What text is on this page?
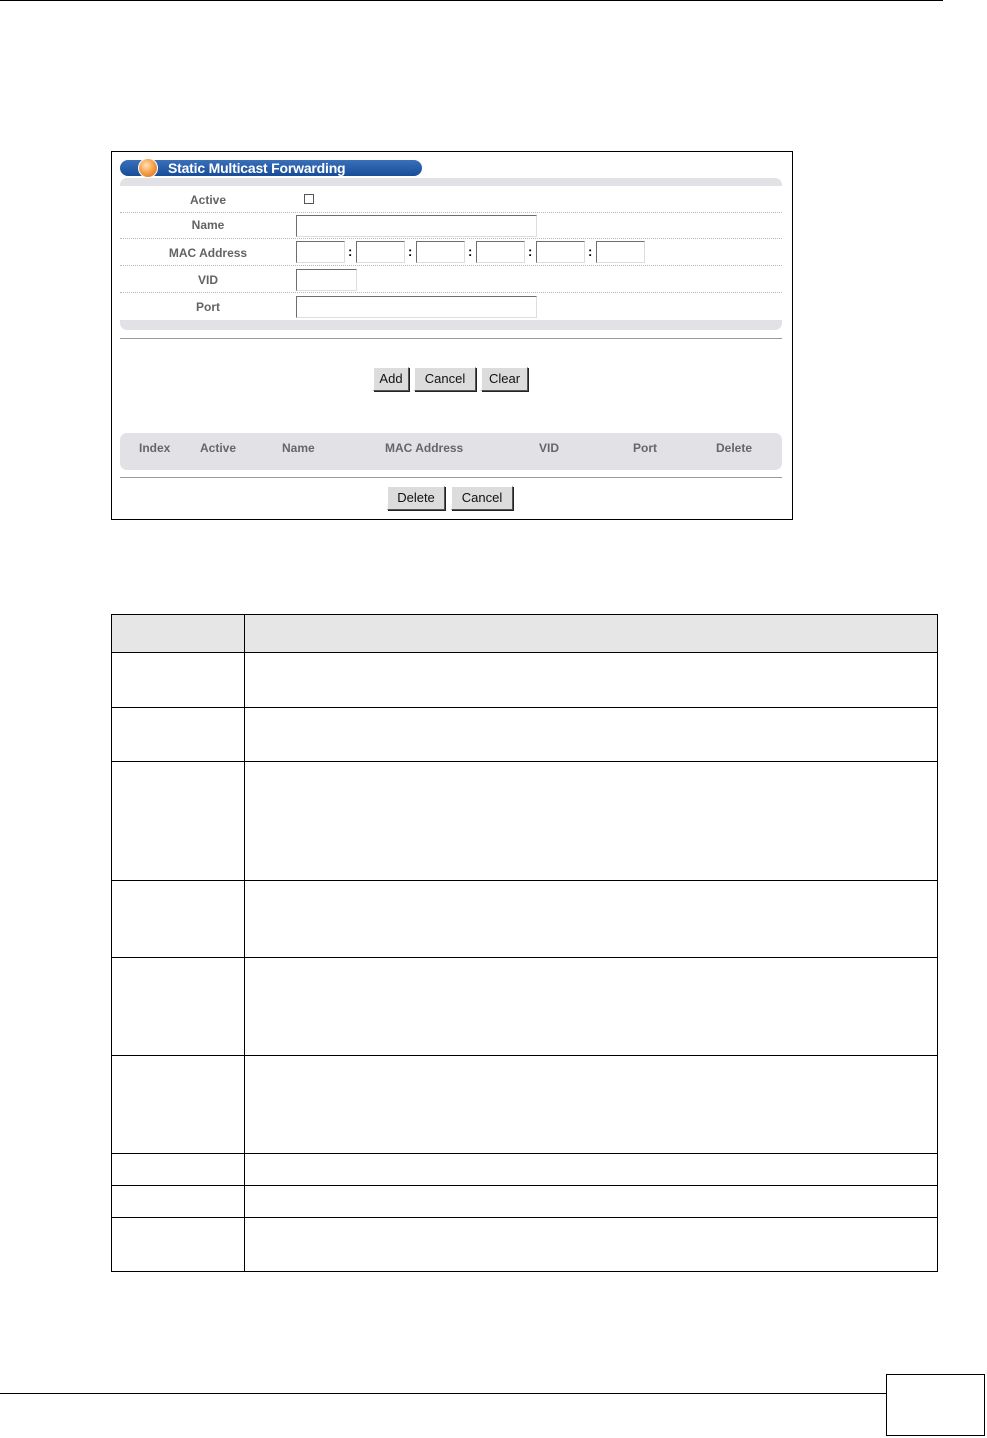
Static Multicast Forwarding
Active
Name
MAC Address	:	:	:	:	:
VID
Port
Add	Cancel	Clear
Index Active	Name	MAC Address	VID	Port	Delete
Delete	Cancel
